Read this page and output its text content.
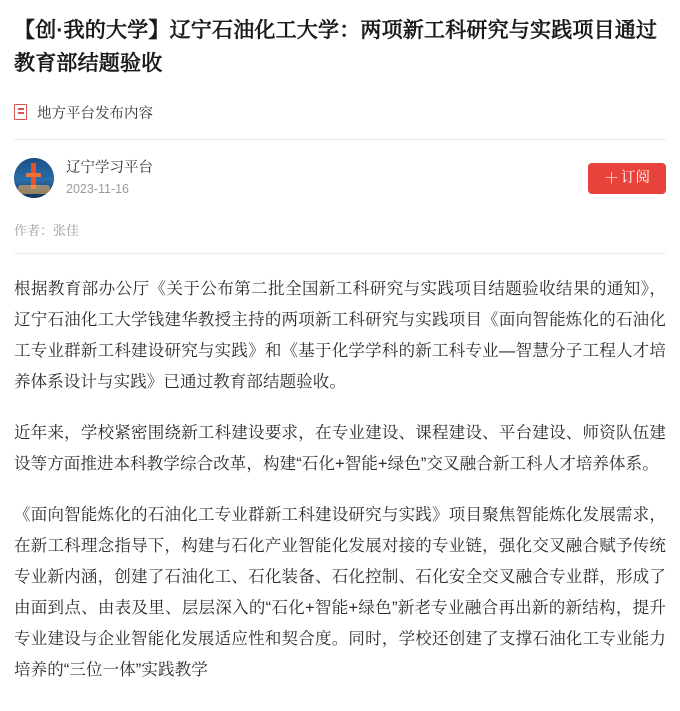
【创·我的大学】辽宁石油化工大学：两项新工科研究与实践项目通过教育部结题验收
地方平台发布内容
辽宁学习平台
2023-11-16
＋ 订阅
作者：张佳

根据教育部办公厅《关于公布第二批全国新工科研究与实践项目结题验收结果的通知》，辽宁石油化工大学钱建华教授主持的两项新工科研究与实践项目《面向智能炼化的石油化工专业群新工科建设研究与实践》和《基于化学学科的新工科专业—智慧分子工程人才培养体系设计与实践》已通过教育部结题验收。

近年来，学校紧密围绕新工科建设要求，在专业建设、课程建设、平台建设、师资队伍建设等方面推进本科教学综合改革，构建“石化+智能+绿色”交叉融合新工科人才培养体系。

《面向智能炼化的石油化工专业群新工科建设研究与实践》项目聚焦智能炼化发展需求，在新工科理念指导下，构建与石化产业智能化发展对接的专业链，强化交叉融合赋予传统专业新内涵，创建了石油化工、石化装备、石化控制、石化安全交叉融合专业群，形成了由面到点、由表及里、层层深入的“石化+智能+绿色”新老专业融合再出新的新结构，提升专业建设与企业智能化发展适应性和契合度。同时，学校还创建了支撑石油化工专业能力培养的“三位一体”实践教学
